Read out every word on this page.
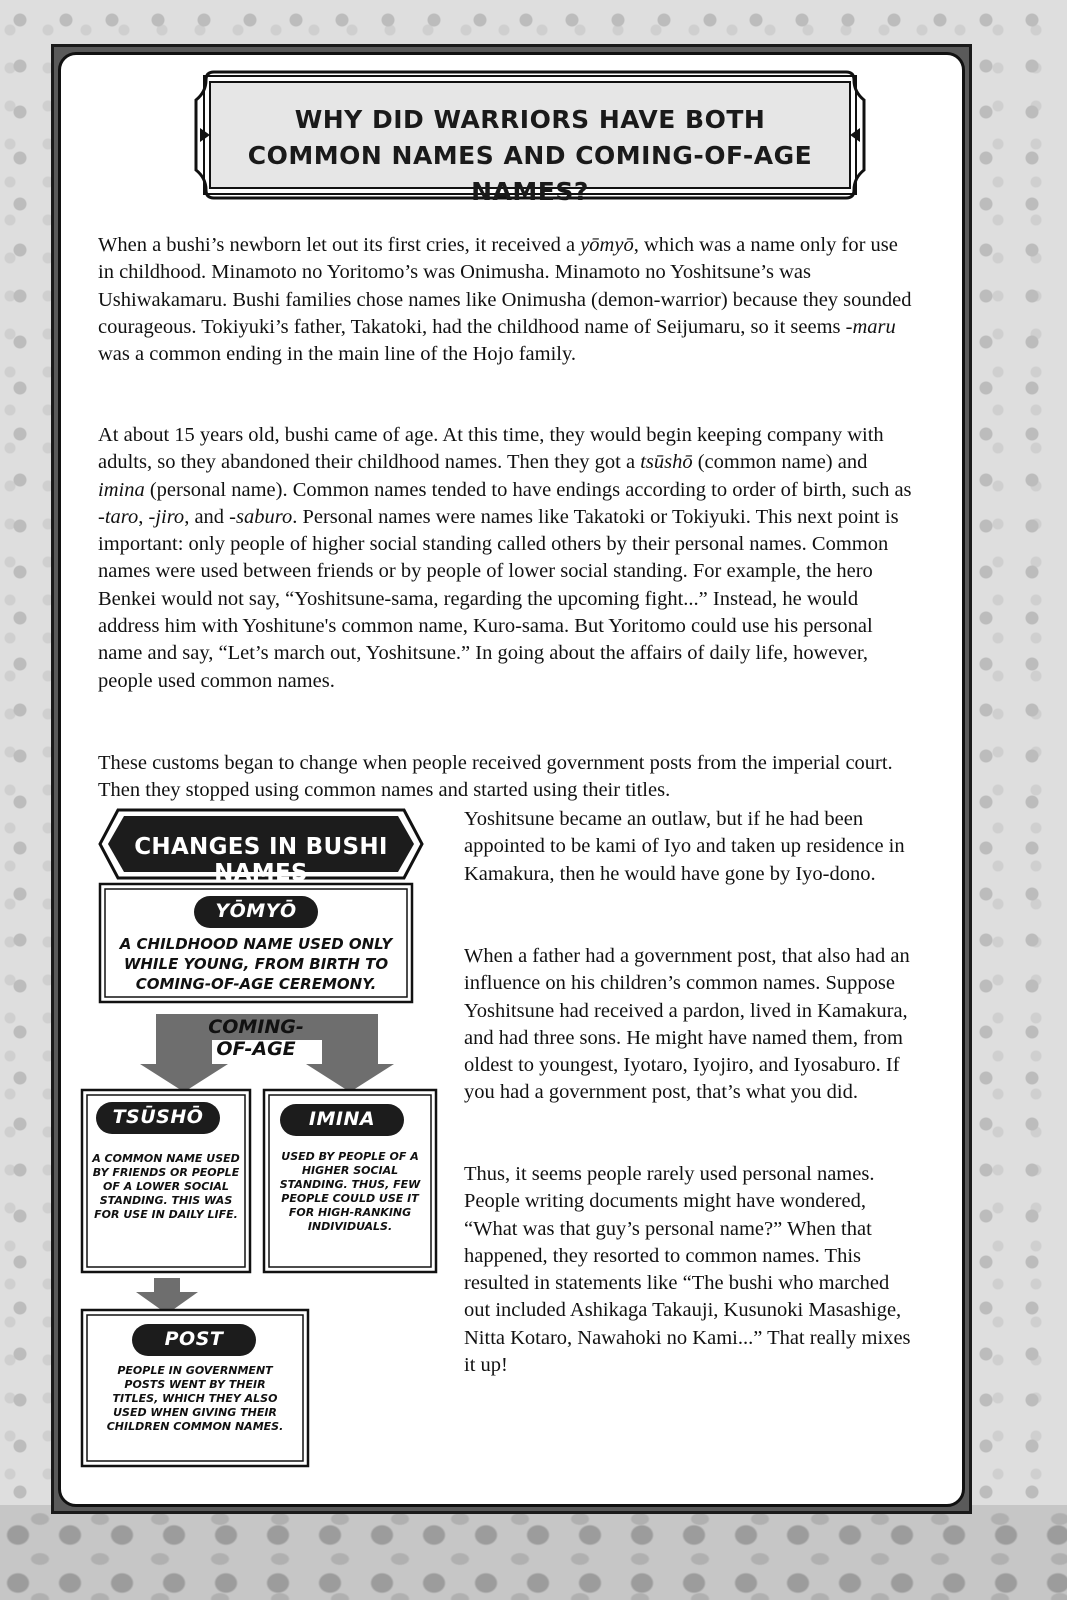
WHY DID WARRIORS HAVE BOTH
COMMON NAMES AND COMING-OF-AGE NAMES?

When a bushi’s newborn let out its first cries, it received a yōmyō, which was a name only for use in childhood. Minamoto no Yoritomo’s was Onimusha. Minamoto no Yoshitsune’s was Ushiwakamaru. Bushi families chose names like Onimusha (demon-warrior) because they sounded courageous. Tokiyuki’s father, Takatoki, had the childhood name of Seijumaru, so it seems -maru was a common ending in the main line of the Hojo family.

At about 15 years old, bushi came of age. At this time, they would begin keeping company with adults, so they abandoned their childhood names. Then they got a tsūshō (common name) and imina (personal name). Common names tended to have endings according to order of birth, such as -taro, -jiro, and -saburo. Personal names were names like Takatoki or Tokiyuki. This next point is important: only people of higher social standing called others by their personal names. Common names were used between friends or by people of lower social standing. For example, the hero Benkei would not say, “Yoshitsune-sama, regarding the upcoming fight...” Instead, he would address him with Yoshitune's common name, Kuro-sama. But Yoritomo could use his personal name and say, “Let’s march out, Yoshitsune.” In going about the affairs of daily life, however, people used common names.

These customs began to change when people received government posts from the imperial court. Then they stopped using common names and started using their titles.

Yoshitsune became an outlaw, but if he had been appointed to be kami of Iyo and taken up residence in Kamakura, then he would have gone by Iyo-dono.

When a father had a government post, that also had an influence on his children’s common names. Suppose Yoshitsune had received a pardon, lived in Kamakura, and had three sons. He might have named them, from oldest to youngest, Iyotaro, Iyojiro, and Iyosaburo. If you had a government post, that’s what you did.

Thus, it seems people rarely used personal names. People writing documents might have wondered, “What was that guy’s personal name?” When that happened, they resorted to common names. This resulted in statements like “The bushi who marched out included Ashikaga Takauji, Kusunoki Masashige, Nitta Kotaro, Nawahoki no Kami...” That really mixes it up!

CHANGES IN BUSHI NAMES
YŌMYŌ
A CHILDHOOD NAME USED ONLY WHILE YOUNG, FROM BIRTH TO COMING-OF-AGE CEREMONY.
COMING-OF-AGE
TSŪSHŌ
A COMMON NAME USED BY FRIENDS OR PEOPLE OF A LOWER SOCIAL STANDING. THIS WAS FOR USE IN DAILY LIFE.
IMINA
USED BY PEOPLE OF A HIGHER SOCIAL STANDING. THUS, FEW PEOPLE COULD USE IT FOR HIGH-RANKING INDIVIDUALS.
POST
PEOPLE IN GOVERNMENT POSTS WENT BY THEIR TITLES, WHICH THEY ALSO USED WHEN GIVING THEIR CHILDREN COMMON NAMES.
